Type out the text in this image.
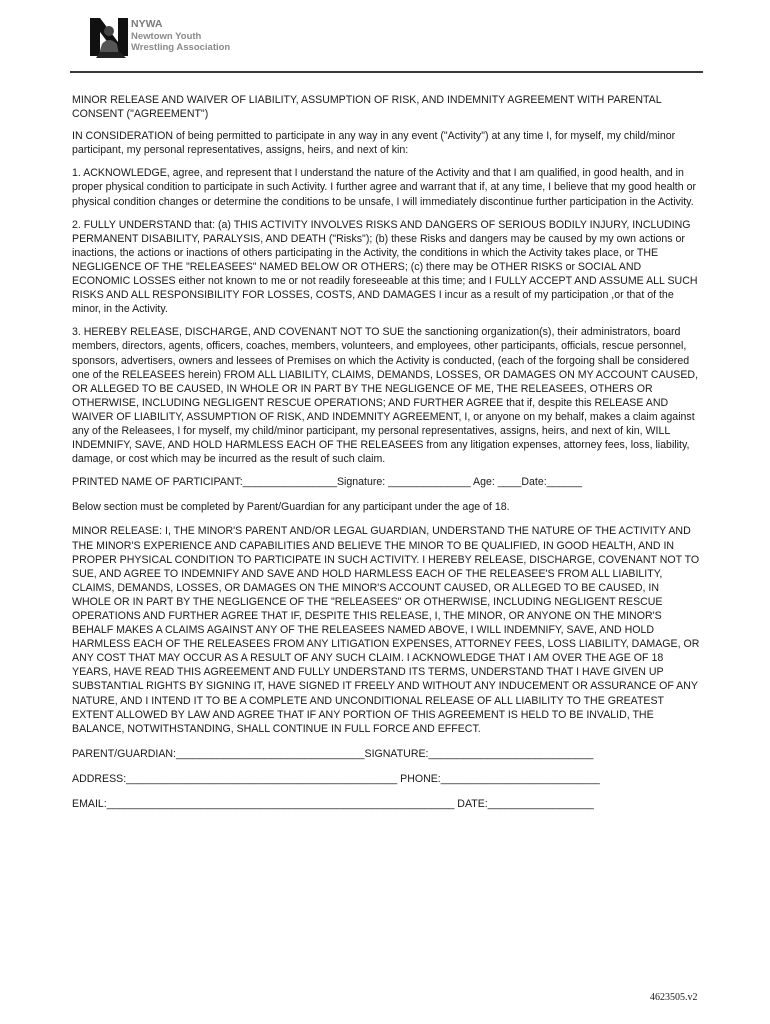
NYWA
Newtown Youth
Wrestling Association

MINOR RELEASE AND WAIVER OF LIABILITY, ASSUMPTION OF RISK, AND INDEMNITY AGREEMENT WITH PARENTAL CONSENT ("AGREEMENT")

IN CONSIDERATION of being permitted to participate in any way in any event ("Activity") at any time I, for myself, my child/minor participant, my personal representatives, assigns, heirs, and next of kin:

1. ACKNOWLEDGE, agree, and represent that I understand the nature of the Activity and that I am qualified, in good health, and in proper physical condition to participate in such Activity. I further agree and warrant that if, at any time, I believe that my good health or physical condition changes or determine the conditions to be unsafe, I will immediately discontinue further participation in the Activity.

2. FULLY UNDERSTAND that: (a) THIS ACTIVITY INVOLVES RISKS AND DANGERS OF SERIOUS BODILY INJURY, INCLUDING PERMANENT DISABILITY, PARALYSIS, AND DEATH ("Risks"); (b) these Risks and dangers may be caused by my own actions or inactions, the actions or inactions of others participating in the Activity, the conditions in which the Activity takes place, or THE NEGLIGENCE OF THE "RELEASEES" NAMED BELOW OR OTHERS; (c) there may be OTHER RISKS or SOCIAL AND ECONOMIC LOSSES either not known to me or not readily foreseeable at this time; and I FULLY ACCEPT AND ASSUME ALL SUCH RISKS AND ALL RESPONSIBILITY FOR LOSSES, COSTS, AND DAMAGES I incur as a result of my participation ,or that of the minor, in the Activity.

3. HEREBY RELEASE, DISCHARGE, AND COVENANT NOT TO SUE the sanctioning organization(s), their administrators, board members, directors, agents, officers, coaches, members, volunteers, and employees, other participants, officials, rescue personnel, sponsors, advertisers, owners and lessees of Premises on which the Activity is conducted, (each of the forgoing shall be considered one of the RELEASEES herein) FROM ALL LIABILITY, CLAIMS, DEMANDS, LOSSES, OR DAMAGES ON MY ACCOUNT CAUSED, OR ALLEGED TO BE CAUSED, IN WHOLE OR IN PART BY THE NEGLIGENCE OF ME, THE RELEASEES, OTHERS OR OTHERWISE, INCLUDING NEGLIGENT RESCUE OPERATIONS; AND FURTHER AGREE that if, despite this RELEASE AND WAIVER OF LIABILITY, ASSUMPTION OF RISK, AND INDEMNITY AGREEMENT, I, or anyone on my behalf, makes a claim against any of the Releasees, I for myself, my child/minor participant, my personal representatives, assigns, heirs, and next of kin, WILL INDEMNIFY, SAVE, AND HOLD HARMLESS EACH OF THE RELEASEES from any litigation expenses, attorney fees, loss, liability, damage, or cost which may be incurred as the result of such claim.

PRINTED NAME OF PARTICIPANT:________________Signature: ______________ Age: ____Date:______

Below section must be completed by Parent/Guardian for any participant under the age of 18.

MINOR RELEASE: I, THE MINOR'S PARENT AND/OR LEGAL GUARDIAN, UNDERSTAND THE NATURE OF THE ACTIVITY AND THE MINOR'S EXPERIENCE AND CAPABILITIES AND BELIEVE THE MINOR TO BE QUALIFIED, IN GOOD HEALTH, AND IN PROPER PHYSICAL CONDITION TO PARTICIPATE IN SUCH ACTIVITY. I HEREBY RELEASE, DISCHARGE, COVENANT NOT TO SUE, AND AGREE TO INDEMNIFY AND SAVE AND HOLD HARMLESS EACH OF THE RELEASEE'S FROM ALL LIABILITY, CLAIMS, DEMANDS, LOSSES, OR DAMAGES ON THE MINOR'S ACCOUNT CAUSED, OR ALLEGED TO BE CAUSED, IN WHOLE OR IN PART BY THE NEGLIGENCE OF THE "RELEASEES" OR OTHERWISE, INCLUDING NEGLIGENT RESCUE OPERATIONS AND FURTHER AGREE THAT IF, DESPITE THIS RELEASE, I, THE MINOR, OR ANYONE ON THE MINOR'S BEHALF MAKES A CLAIMS AGAINST ANY OF THE RELEASEES NAMED ABOVE, I WILL INDEMNIFY, SAVE, AND HOLD HARMLESS EACH OF THE RELEASEES FROM ANY LITIGATION EXPENSES, ATTORNEY FEES, LOSS LIABILITY, DAMAGE, OR ANY COST THAT MAY OCCUR AS A RESULT OF ANY SUCH CLAIM. I ACKNOWLEDGE THAT I AM OVER THE AGE OF 18 YEARS, HAVE READ THIS AGREEMENT AND FULLY UNDERSTAND ITS TERMS, UNDERSTAND THAT I HAVE GIVEN UP SUBSTANTIAL RIGHTS BY SIGNING IT, HAVE SIGNED IT FREELY AND WITHOUT ANY INDUCEMENT OR ASSURANCE OF ANY NATURE, AND I INTEND IT TO BE A COMPLETE AND UNCONDITIONAL RELEASE OF ALL LIABILITY TO THE GREATEST EXTENT ALLOWED BY LAW AND AGREE THAT IF ANY PORTION OF THIS AGREEMENT IS HELD TO BE INVALID, THE BALANCE, NOTWITHSTANDING, SHALL CONTINUE IN FULL FORCE AND EFFECT.

PARENT/GUARDIAN:________________________________SIGNATURE:____________________________

ADDRESS:______________________________________________ PHONE:___________________________

EMAIL:___________________________________________________________ DATE:__________________

4623505.v2
